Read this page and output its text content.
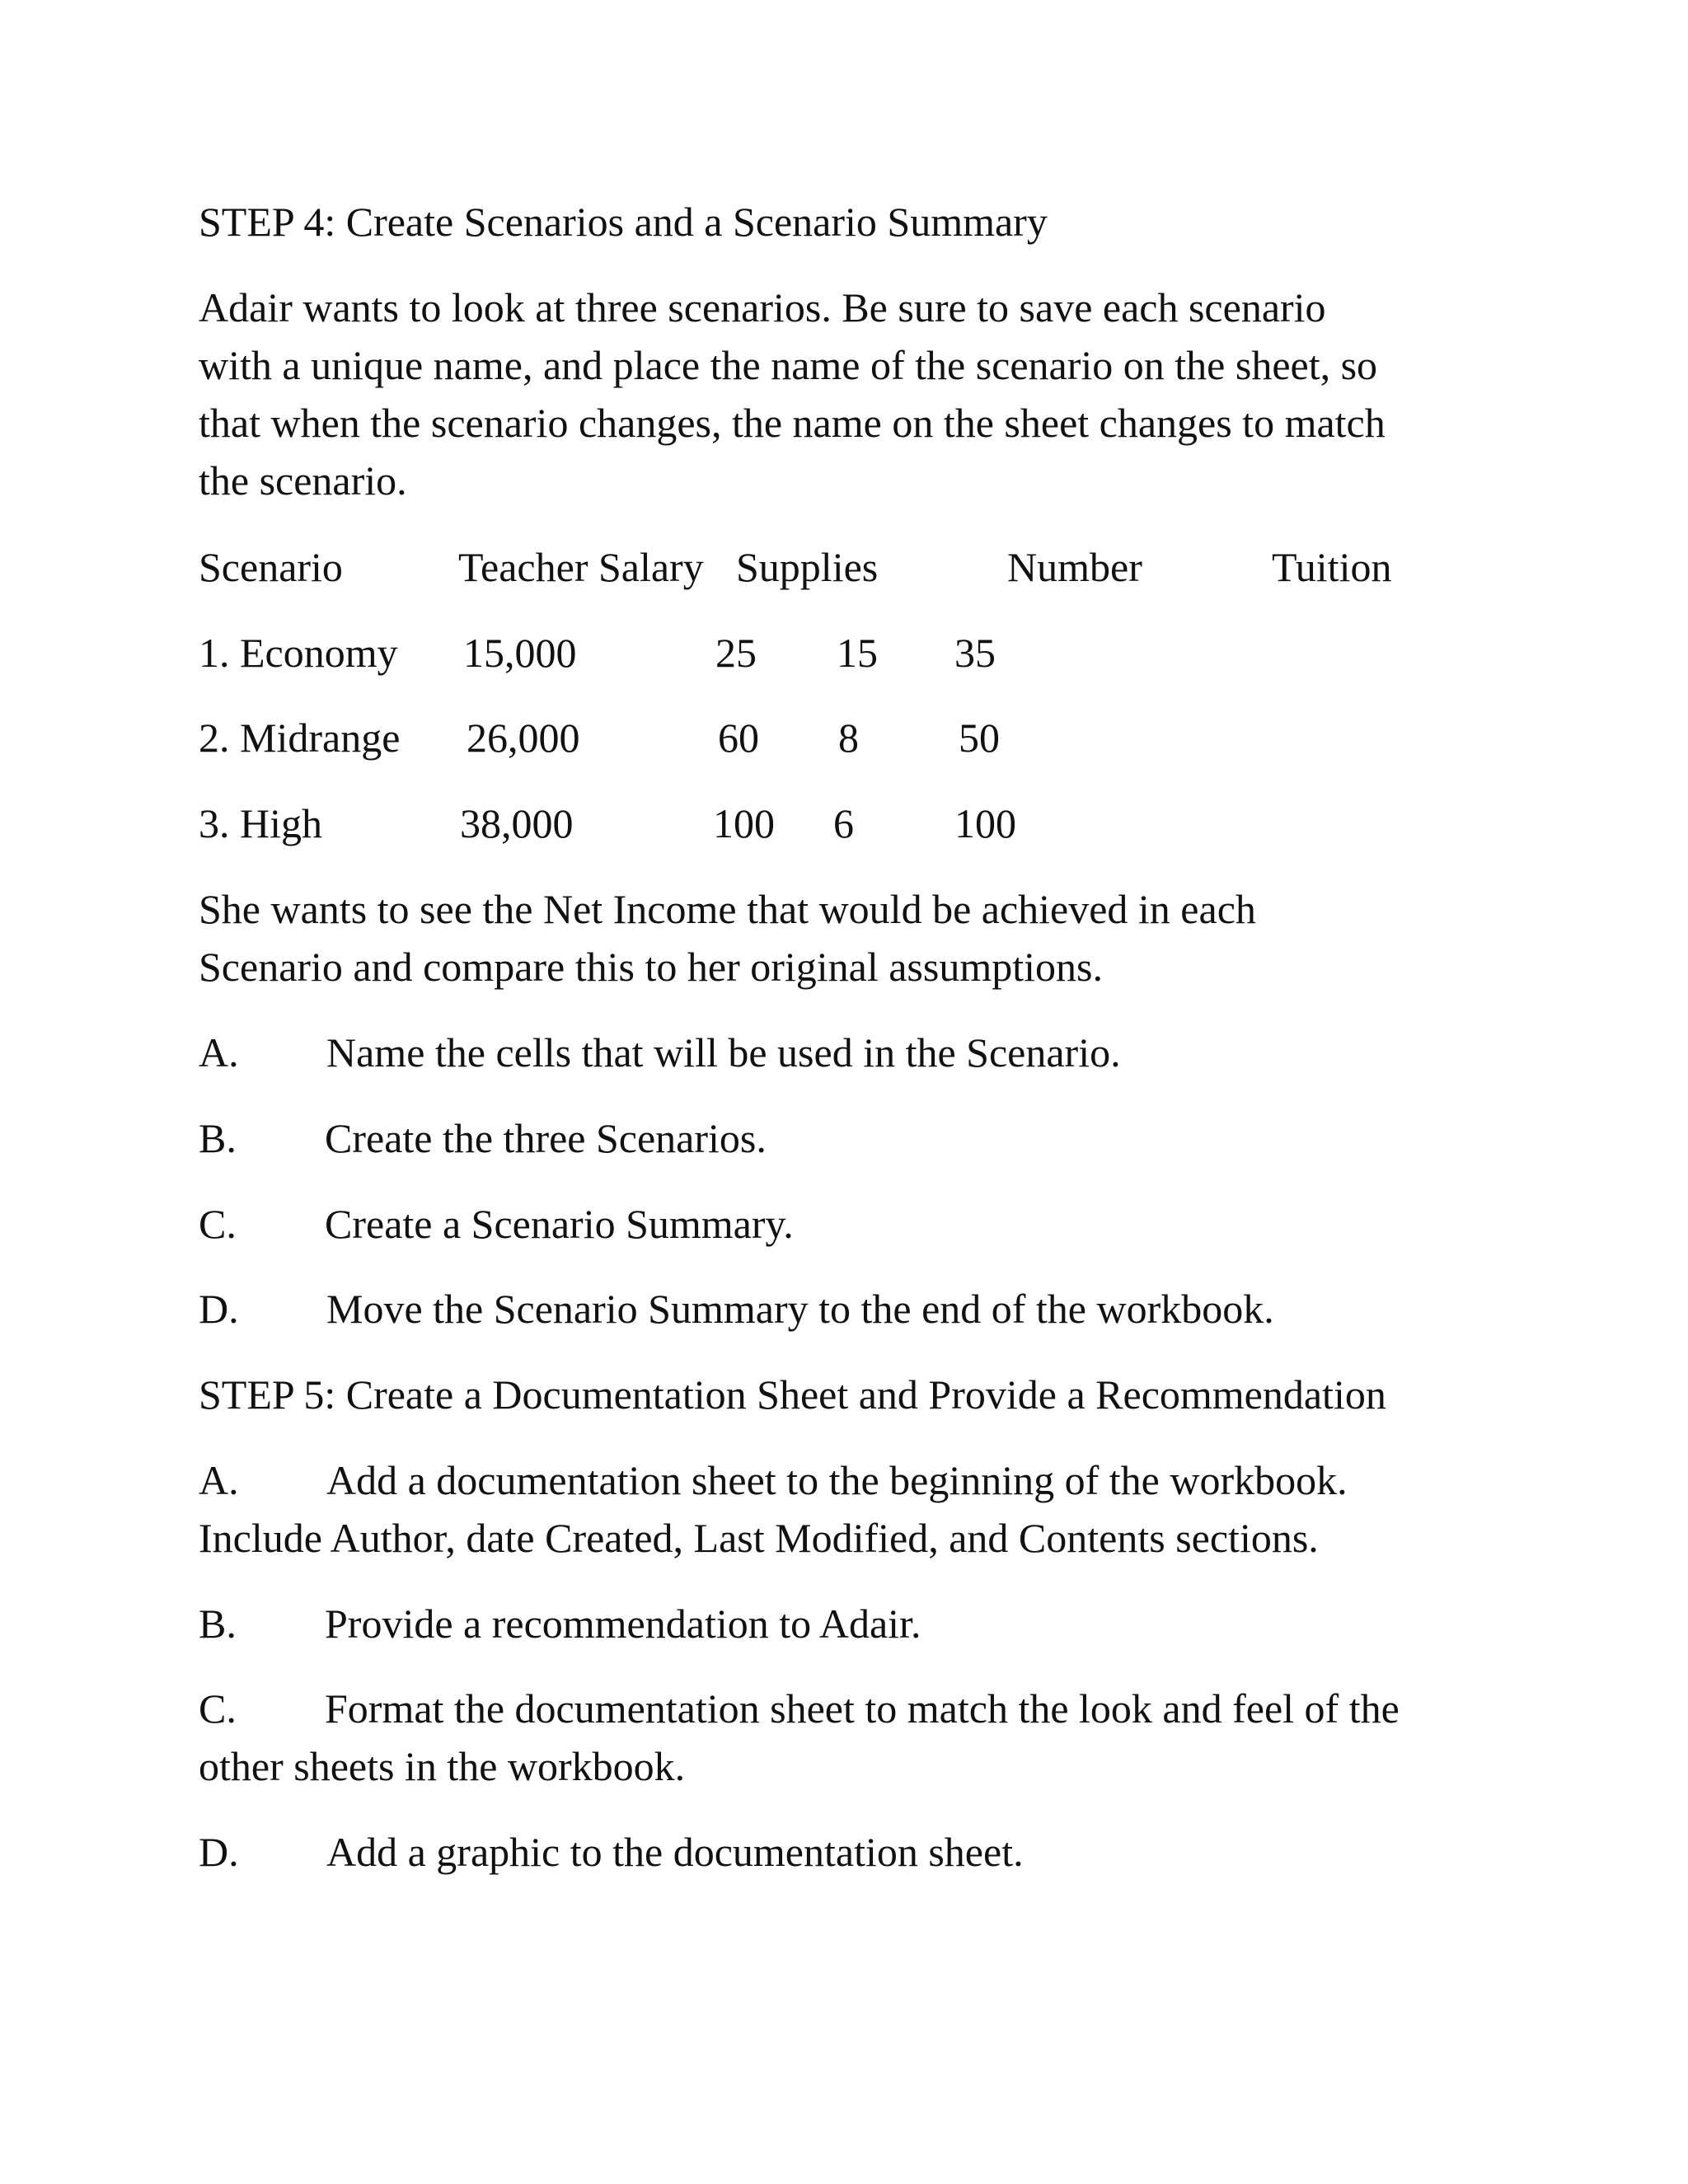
STEP 4: Create Scenarios and a Scenario Summary
Adair wants to look at three scenarios. Be sure to save each scenario
with a unique name, and place the name of the scenario on the sheet, so
that when the scenario changes, the name on the sheet changes to match
the scenario.
Scenario	Teacher Salary Supplies	Number	Tuition
1. Economy 15,000	25 15 35
2. Midrange 26,000	60 8 50
3. High	38,000	100 6 100
She wants to see the Net Income that would be achieved in each
Scenario and compare this to her original assumptions.
A. Name the cells that will be used in the Scenario.
B. Create the three Scenarios.
C. Create a Scenario Summary.
D. Move the Scenario Summary to the end of the workbook.
STEP 5: Create a Documentation Sheet and Provide a Recommendation
A. Add a documentation sheet to the beginning of the workbook.
Include Author, date Created, Last Modified, and Contents sections.
B. Provide a recommendation to Adair.
C. Format the documentation sheet to match the look and feel of the
other sheets in the workbook.
D. Add a graphic to the documentation sheet.
